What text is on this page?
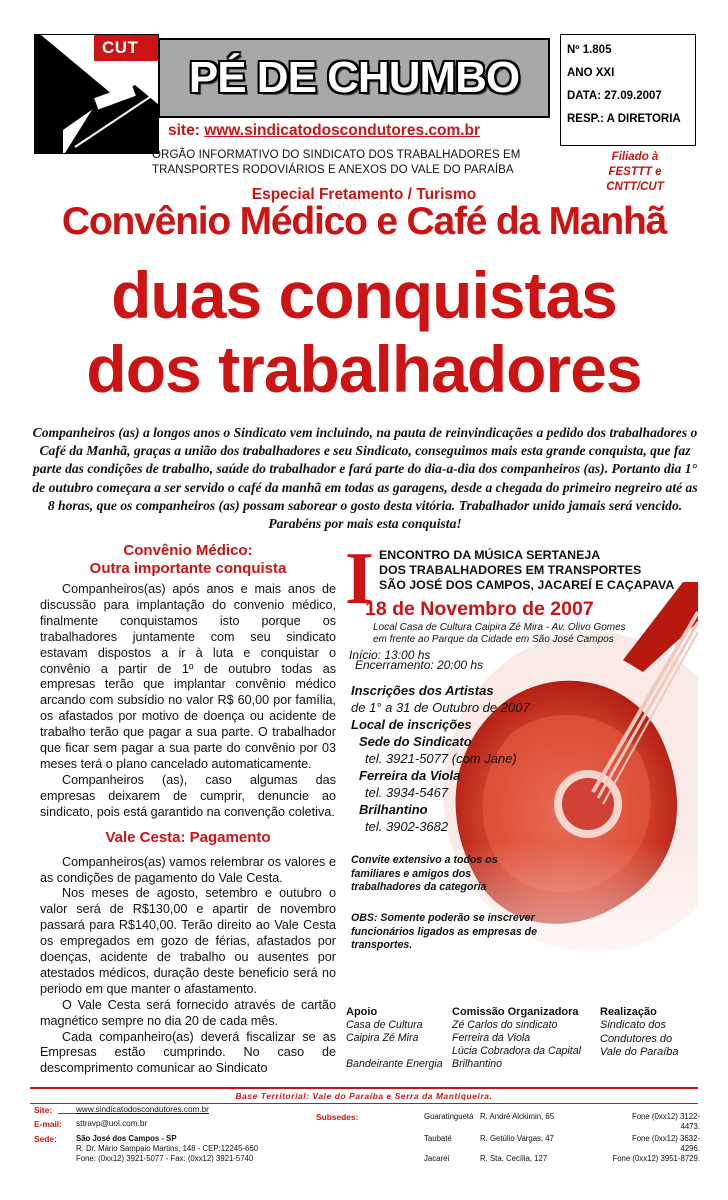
CUT
PÉ DE CHUMBO
site: www.sindicatodoscondutores.com.br
ÓRGÃO INFORMATIVO DO SINDICATO DOS TRABALHADORES EM
TRANSPORTES RODOVIÁRIOS E ANEXOS DO VALE DO PARAÍBA
Nº 1.805
ANO XXI
DATA: 27.09.2007
RESP.: A DIRETORIA
Filiado à
FESTTT e CNTT/CUT
Especial Fretamento / Turismo
Convênio Médico e Café da Manhã
duas conquistas
dos trabalhadores
Companheiros (as) a longos anos o Sindicato vem incluindo, na pauta de reinvindicações a pedido dos trabalhadores o Café da Manhã, graças a união dos trabalhadores e seu Sindicato, conseguimos mais esta grande conquista, que faz parte das condições de trabalho, saúde do trabalhador e fará parte do dia-a-dia dos companheiros (as). Portanto dia 1° de outubro começara a ser servido o café da manhã em todas as garagens, desde a chegada do primeiro negreiro até as 8 horas, que os companheiros (as) possam saborear o gosto desta vitória. Trabalhador unido jamais será vencido. Parabéns por mais esta conquista!
Convênio Médico:
Outra importante conquista

Companheiros(as) após anos e mais anos de discussão para implantação do convenio médico, finalmente conquistamos isto porque os trabalhadores juntamente com seu sindicato estavam dispostos a ir à luta e conquistar o convênio a partir de 1º de outubro todas as empresas terão que implantar convênio médico arcando com subsídio no valor R$ 60,00 por família, os afastados por motivo de doença ou acidente de trabalho terão que pagar a sua parte. O trabalhador que ficar sem pagar a sua parte do convênio por 03 meses terá o plano cancelado automaticamente.

Companheiros (as), caso algumas das empresas deixarem de cumprir, denuncie ao sindicato, pois está garantido na convenção coletiva.

Vale Cesta: Pagamento

Companheiros(as) vamos relembrar os valores e as condições de pagamento do Vale Cesta.

Nos meses de agosto, setembro e outubro o valor será de R$130,00 e apartir de novembro passará para R$140,00. Terão direito ao Vale Cesta os empregados em gozo de férias, afastados por doenças, acidente de trabalho ou ausentes por atestados médicos, duração deste beneficio será no periodo em que manter o afastamento.

O Vale Cesta será fornecido através de cartão magnético sempre no dia 20 de cada mês.

Cada companheiro(as) deverá fiscalizar se as Empresas estão cumprindo. No caso de descomprimento comunicar ao Sindicato

I ENCONTRO DA MÚSICA SERTANEJA
DOS TRABALHADORES EM TRANSPORTES
SÃO JOSÉ DOS CAMPOS, JACAREÍ E CAÇAPAVA
18 de Novembro de 2007
Local Casa de Cultura Caipira Zé Mira - Av. Olivo Gomes
em frente ao Parque da Cidade em São José Campos
Início: 13:00 hs
Encerramento: 20:00 hs
Inscrições dos Artistas
de 1° a 31 de Outubro de 2007
Local de inscrições
Sede do Sindicato
tel. 3921-5077 (com Jane)
Ferreira da Viola
tel. 3934-5467
Brilhantino
tel. 3902-3682
Convite extensivo a todos os familiares e amigos dos trabalhadores da categoria
OBS: Somente poderão se inscrever funcionários ligados as empresas de transportes.
Apoio
Casa de Cultura
Caipira Zé Mira
Bandeirante Energia
Comissão Organizadora
Zé Carlos do sindicato
Ferreira da Viola
Lúcia Cobradora da Capital
Brilhantino
Realização
Sindicato dos
Condutores do
Vale do Paraíba
Base Territorial: Vale do Paraíba e Serra da Mantiqueira.
Site:	www.sindicatodoscondutores.com.br
E-mail: sttravp@uol.com.br
Sede: São José dos Campos - SP
R. Dr. Mário Sampaio Martins, 148 - CEP:12245-660
Fone: (0xx12) 3921-5077 - Fax: (0xx12) 3921-5740
Subsedes:	Guaratinguetá R. André Alckimin, 65	Fone (0xx12) 3122-
4473.
Taubaté	R. Getúlio Vargas, 47	Fone (0xx12) 3632-
4296.
Jacareí	R. Sta. Cecília, 127	Fone (0xx12) 3951-8729.
